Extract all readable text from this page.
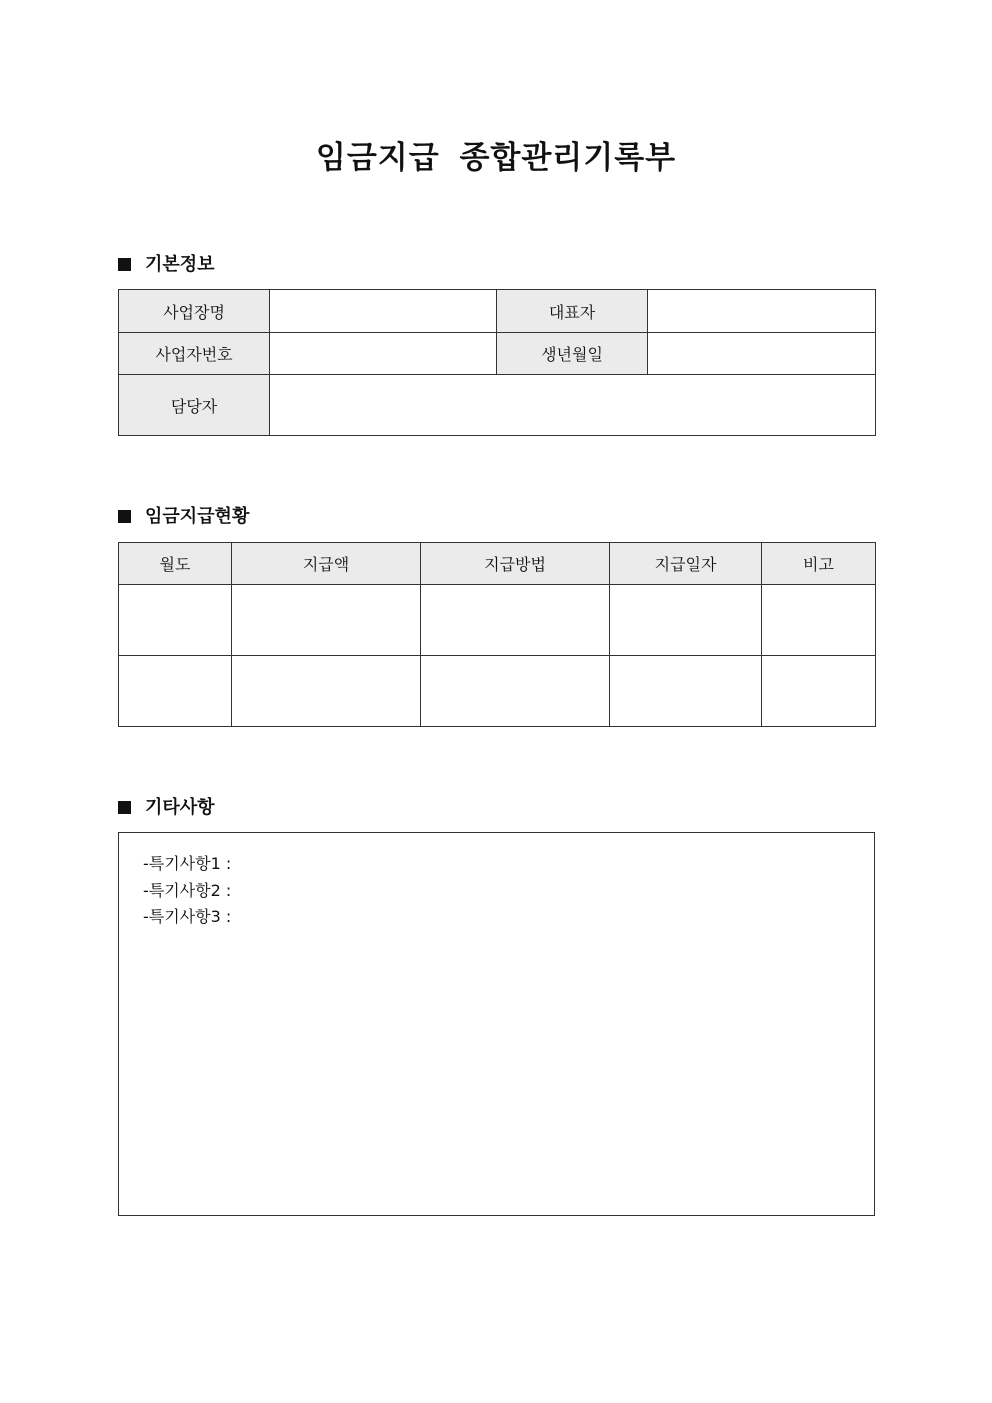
임금지급 종합관리기록부
기본정보
사업장명		대표자	
사업자번호		생년월일	
담당자			
임금지급현황
월도	지급액	지급방법	지급일자	비고

기타사항
-특기사항1 :
-특기사항2 :
-특기사항3 :
